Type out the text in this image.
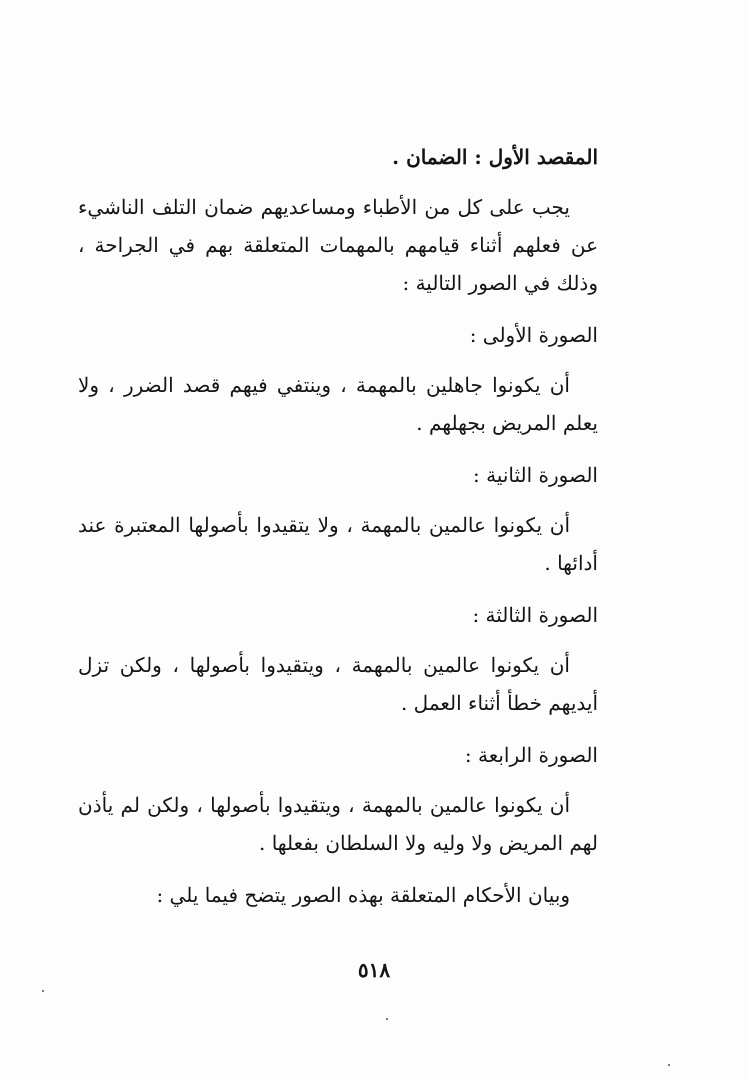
المقصد الأول : الضمان .

يجب على كل من الأطباء ومساعديهم ضمان التلف الناشيء عن فعلهم أثناء قيامهم بالمهمات المتعلقة بهم في الجراحة ، وذلك في الصور التالية :

الصورة الأولى :

أن يكونوا جاهلين بالمهمة ، وينتفي فيهم قصد الضرر ، ولا يعلم المريض بجهلهم .

الصورة الثانية :

أن يكونوا عالمين بالمهمة ، ولا يتقيدوا بأصولها المعتبرة عند أدائها .

الصورة الثالثة :

أن يكونوا عالمين بالمهمة ، ويتقيدوا بأصولها ، ولكن تزل أيديهم خطأ أثناء العمل .

الصورة الرابعة :

أن يكونوا عالمين بالمهمة ، ويتقيدوا بأصولها ، ولكن لم يأذن لهم المريض ولا وليه ولا السلطان بفعلها .

وبيان الأحكام المتعلقة بهذه الصور يتضح فيما يلي :

٥١٨
